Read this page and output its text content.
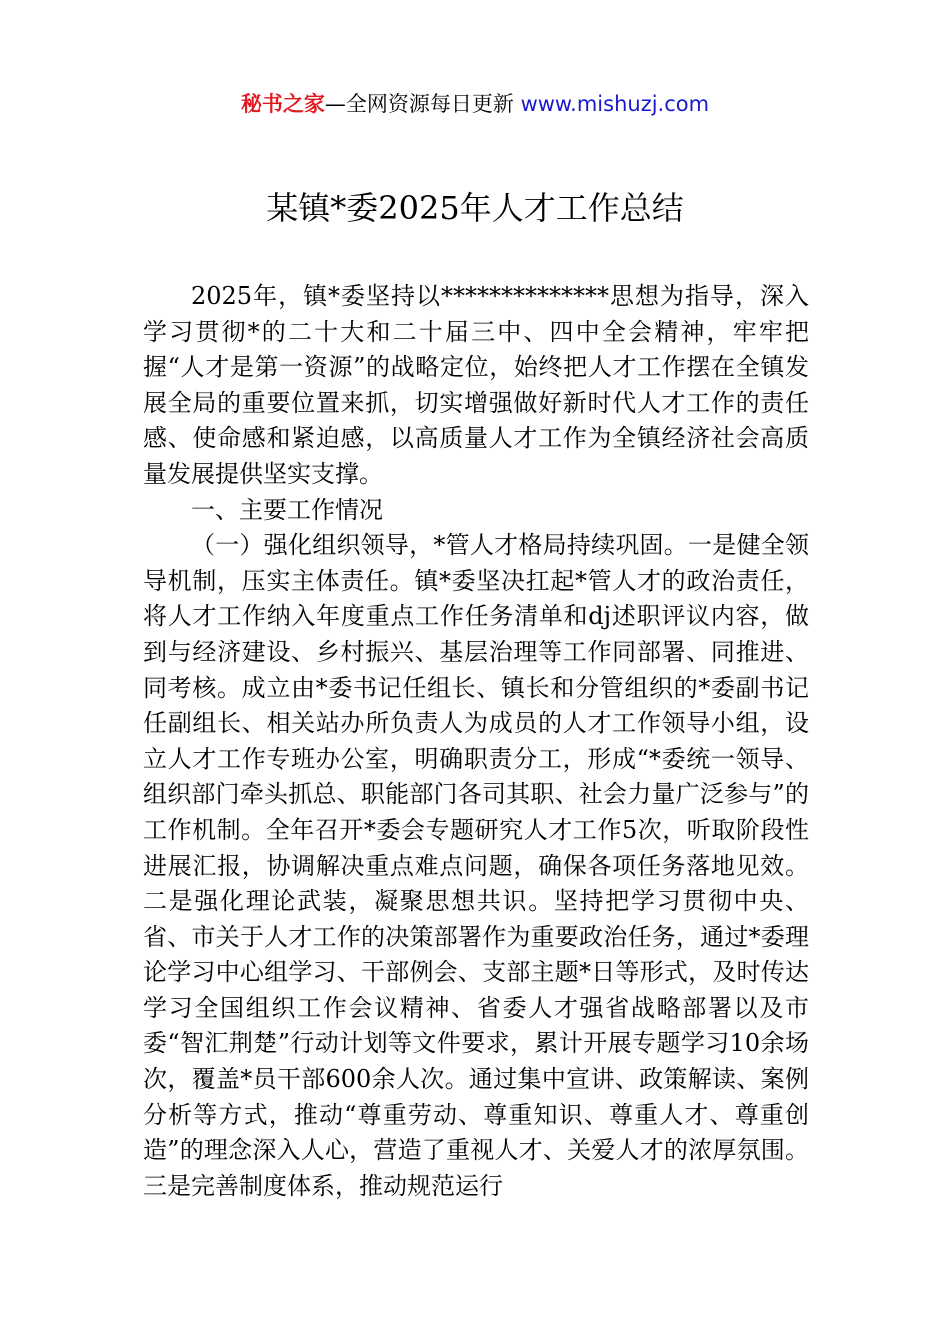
秘书之家—全网资源每日更新 www.mishuzj.com
某镇*委2025年人才工作总结

2025年，镇*委坚持以**************思想为指导，深入学习贯彻*的二十大和二十届三中、四中全会精神，牢牢把握“人才是第一资源”的战略定位，始终把人才工作摆在全镇发展全局的重要位置来抓，切实增强做好新时代人才工作的责任感、使命感和紧迫感，以高质量人才工作为全镇经济社会高质量发展提供坚实支撑。

一、主要工作情况

（一）强化组织领导，*管人才格局持续巩固。一是健全领导机制，压实主体责任。镇*委坚决扛起*管人才的政治责任，将人才工作纳入年度重点工作任务清单和dj述职评议内容，做到与经济建设、乡村振兴、基层治理等工作同部署、同推进、同考核。成立由*委书记任组长、镇长和分管组织的*委副书记任副组长、相关站办所负责人为成员的人才工作领导小组，设立人才工作专班办公室，明确职责分工，形成“*委统一领导、组织部门牵头抓总、职能部门各司其职、社会力量广泛参与”的工作机制。全年召开*委会专题研究人才工作5次，听取阶段性进展汇报，协调解决重点难点问题，确保各项任务落地见效。二是强化理论武装，凝聚思想共识。坚持把学习贯彻中央、省、市关于人才工作的决策部署作为重要政治任务，通过*委理论学习中心组学习、干部例会、支部主题*日等形式，及时传达学习全国组织工作会议精神、省委人才强省战略部署以及市委“智汇荆楚”行动计划等文件要求，累计开展专题学习10余场次，覆盖*员干部600余人次。通过集中宣讲、政策解读、案例分析等方式，推动“尊重劳动、尊重知识、尊重人才、尊重创造”的理念深入人心，营造了重视人才、关爱人才的浓厚氛围。三是完善制度体系，推动规范运行
